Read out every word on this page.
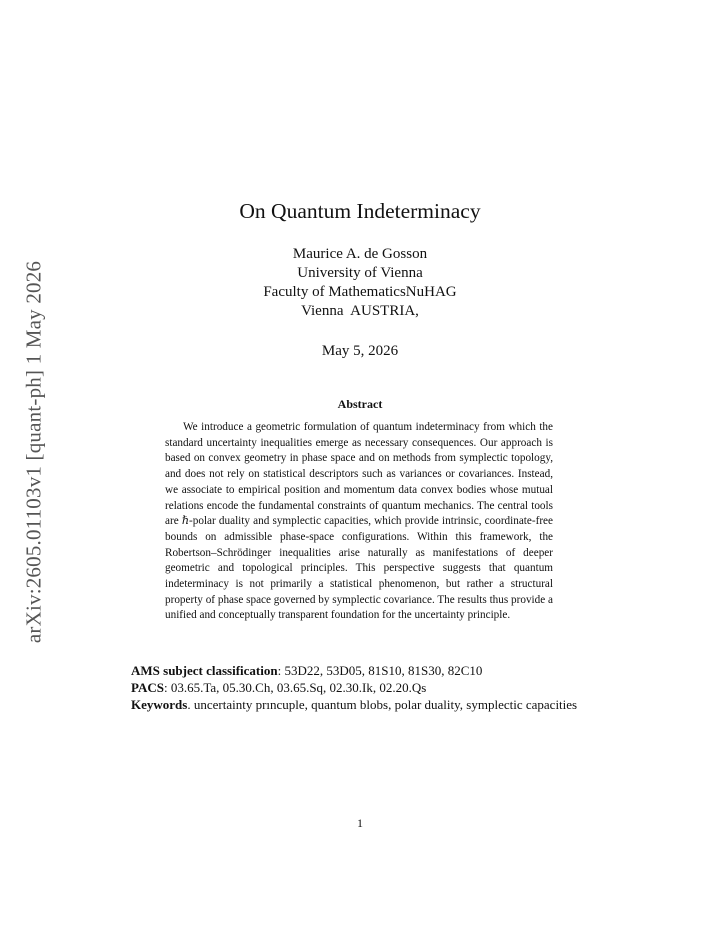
arXiv:2605.01103v1 [quant-ph] 1 May 2026
On Quantum Indeterminacy
Maurice A. de Gosson
University of Vienna
Faculty of MathematicsNuHAG
Vienna  AUSTRIA,
May 5, 2026
Abstract
We introduce a geometric formulation of quantum indeterminacy from which the standard uncertainty inequalities emerge as necessary consequences. Our approach is based on convex geometry in phase space and on methods from symplectic topology, and does not rely on statistical descriptors such as variances or covariances. Instead, we associate to empirical position and momentum data convex bodies whose mutual relations encode the fundamental constraints of quantum mechanics. The central tools are ℏ-polar duality and symplectic capacities, which provide intrinsic, coordinate-free bounds on admissible phase-space configurations. Within this framework, the Robertson–Schrödinger inequalities arise naturally as manifestations of deeper geometric and topological principles. This perspective suggests that quantum indeterminacy is not primarily a statistical phenomenon, but rather a structural property of phase space governed by symplectic covariance. The results thus provide a unified and conceptually transparent foundation for the uncertainty principle.
AMS subject classification: 53D22, 53D05, 81S10, 81S30, 82C10
PACS: 03.65.Ta, 05.30.Ch, 03.65.Sq, 02.30.Ik, 02.20.Qs
Keywords. uncertainty prıncuple, quantum blobs, polar duality, symplectic capacities
1
